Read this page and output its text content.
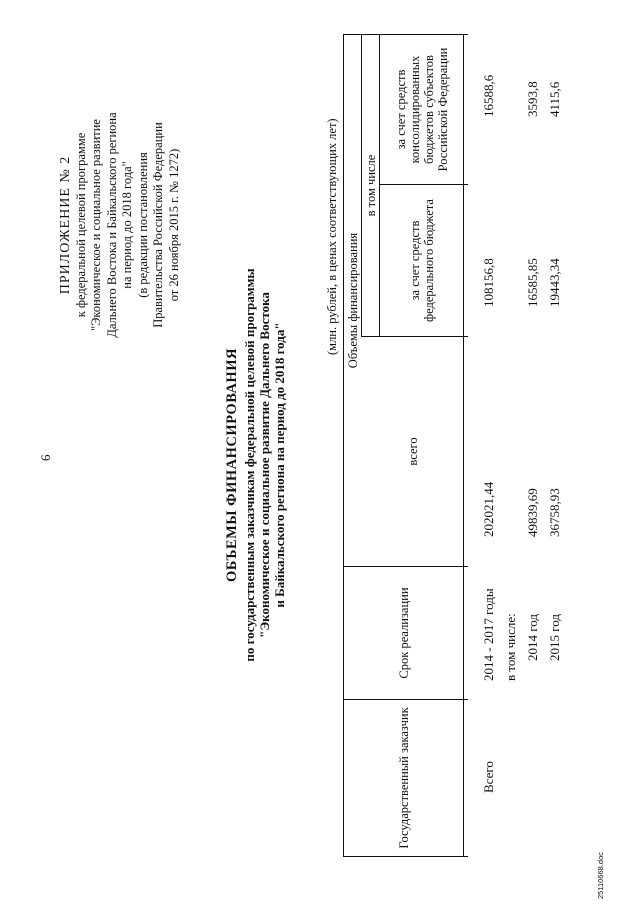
6
ПРИЛОЖЕНИЕ № 2 к федеральной целевой программе "Экономическое и социальное развитие Дальнего Востока и Байкальского региона на период до 2018 года" (в редакции постановления Правительства Российской Федерации от 26 ноября 2015 г. № 1272)
ОБЪЕМЫ ФИНАНСИРОВАНИЯ по государственным заказчикам федеральной целевой программы "Экономическое и социальное развитие Дальнего Востока и Байкальского региона на период до 2018 года"
(млн. рублей, в ценах соответствующих лет)
Государственный заказчик
Срок реализации
Объемы финансирования
всего
в том числе
за счет средств федерального бюджета
за счет средств консолидированных бюджетов субъектов Российской Федерации
Всего
2014 - 2017 годы
202021,44
108156,8
16588,6
в том числе: 2014 год
49839,69
16585,85
3593,8
2015 год
36758,93
19443,34
4115,6
25110668.doc
